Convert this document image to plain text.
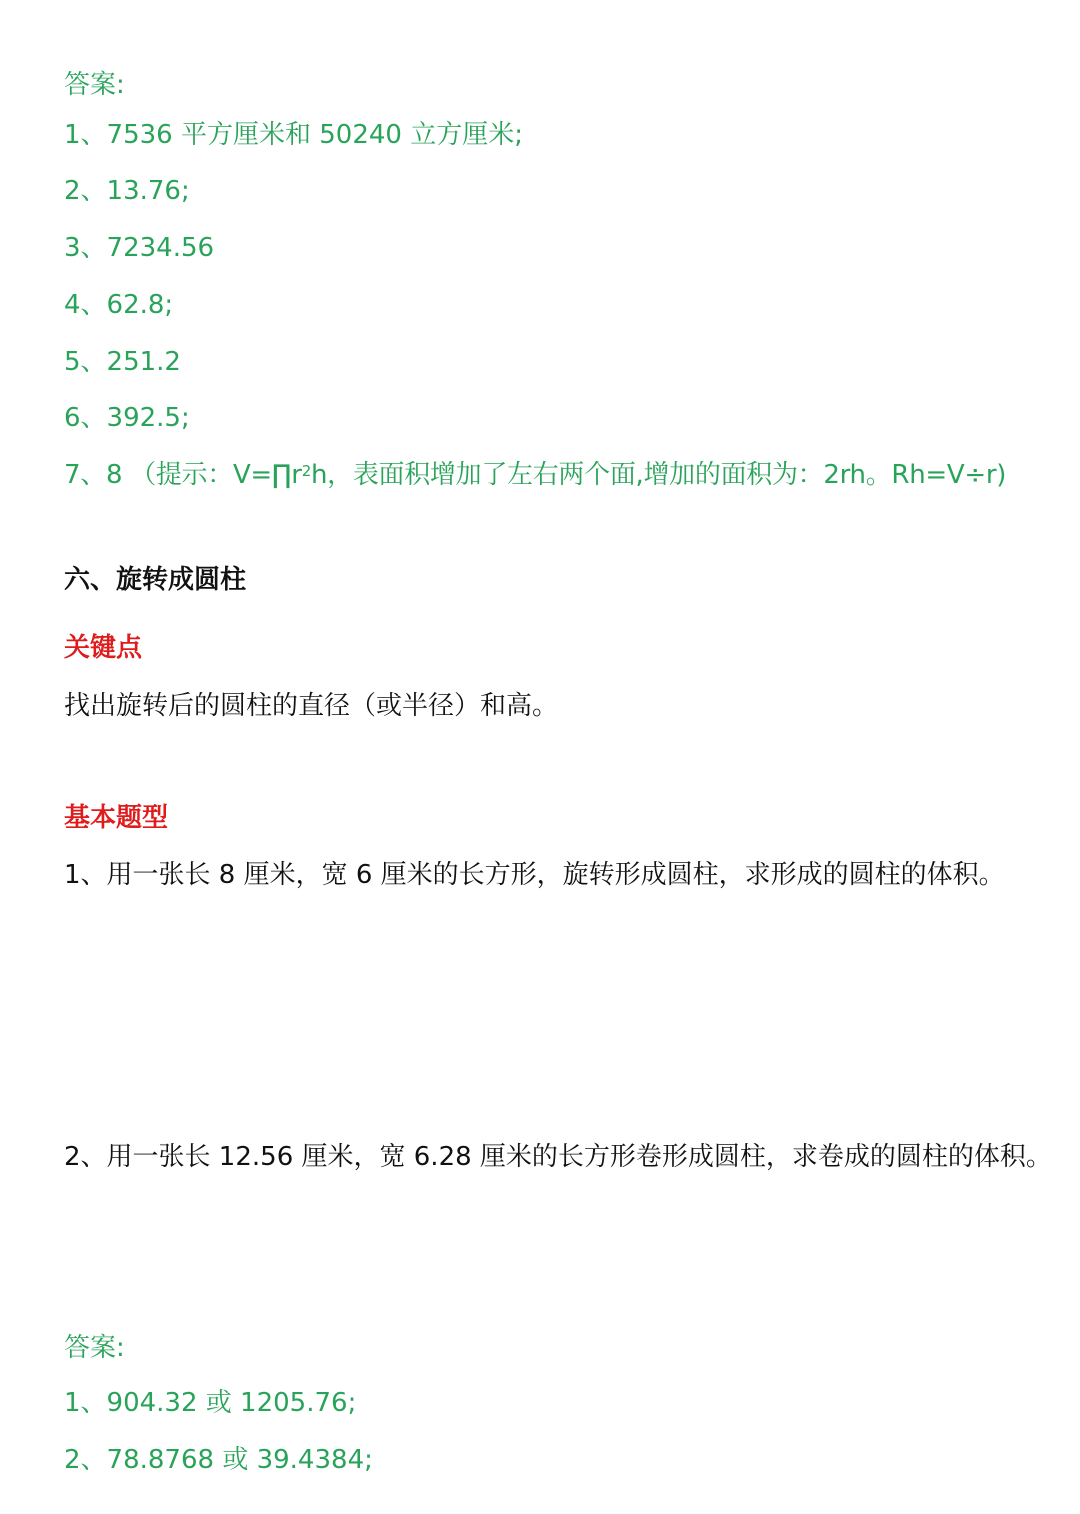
答案:
1、7536 平方厘米和 50240 立方厘米;
2、13.76;
3、7234.56
4、62.8;
5、251.2
6、392.5;
7、8 （提示：$V=\prod r^2h$，表面积增加了左右两个面,增加的面积为：2rh。Rh=V÷r)
六、旋转成圆柱
关键点
找出旋转后的圆柱的直径（或半径）和高。
基本题型
1、用一张长 8 厘米，宽 6 厘米的长方形，旋转形成圆柱，求形成的圆柱的体积。
2、用一张长 12.56 厘米，宽 6.28 厘米的长方形卷形成圆柱，求卷成的圆柱的体积。
答案:
1、904.32 或 1205.76;
2、78.8768 或 39.4384;
